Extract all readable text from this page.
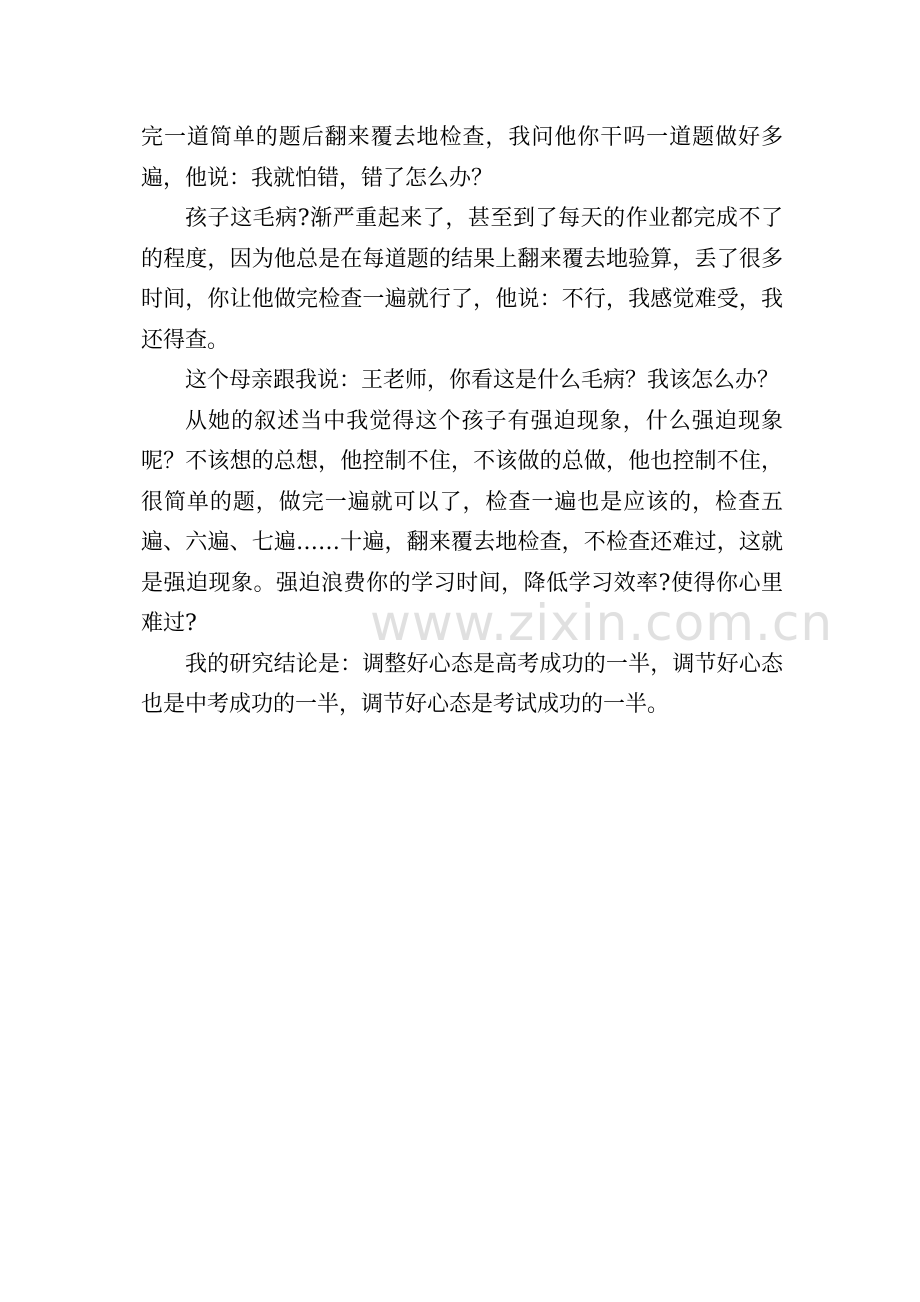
完一道简单的题后翻来覆去地检查，我问他你干吗一道题做好多遍，他说：我就怕错，错了怎么办？

孩子这毛病?渐严重起来了，甚至到了每天的作业都完成不了的程度，因为他总是在每道题的结果上翻来覆去地验算，丢了很多时间，你让他做完检查一遍就行了，他说：不行，我感觉难受，我还得查。

这个母亲跟我说：王老师，你看这是什么毛病？我该怎么办？

从她的叙述当中我觉得这个孩子有强迫现象，什么强迫现象呢？不该想的总想，他控制不住，不该做的总做，他也控制不住，很简单的题，做完一遍就可以了，检查一遍也是应该的，检查五遍、六遍、七遍……十遍，翻来覆去地检查，不检查还难过，这就是强迫现象。强迫浪费你的学习时间，降低学习效率?使得你心里难过?

我的研究结论是：调整好心态是高考成功的一半，调节好心态也是中考成功的一半，调节好心态是考试成功的一半。

www.zixin.com.cn
